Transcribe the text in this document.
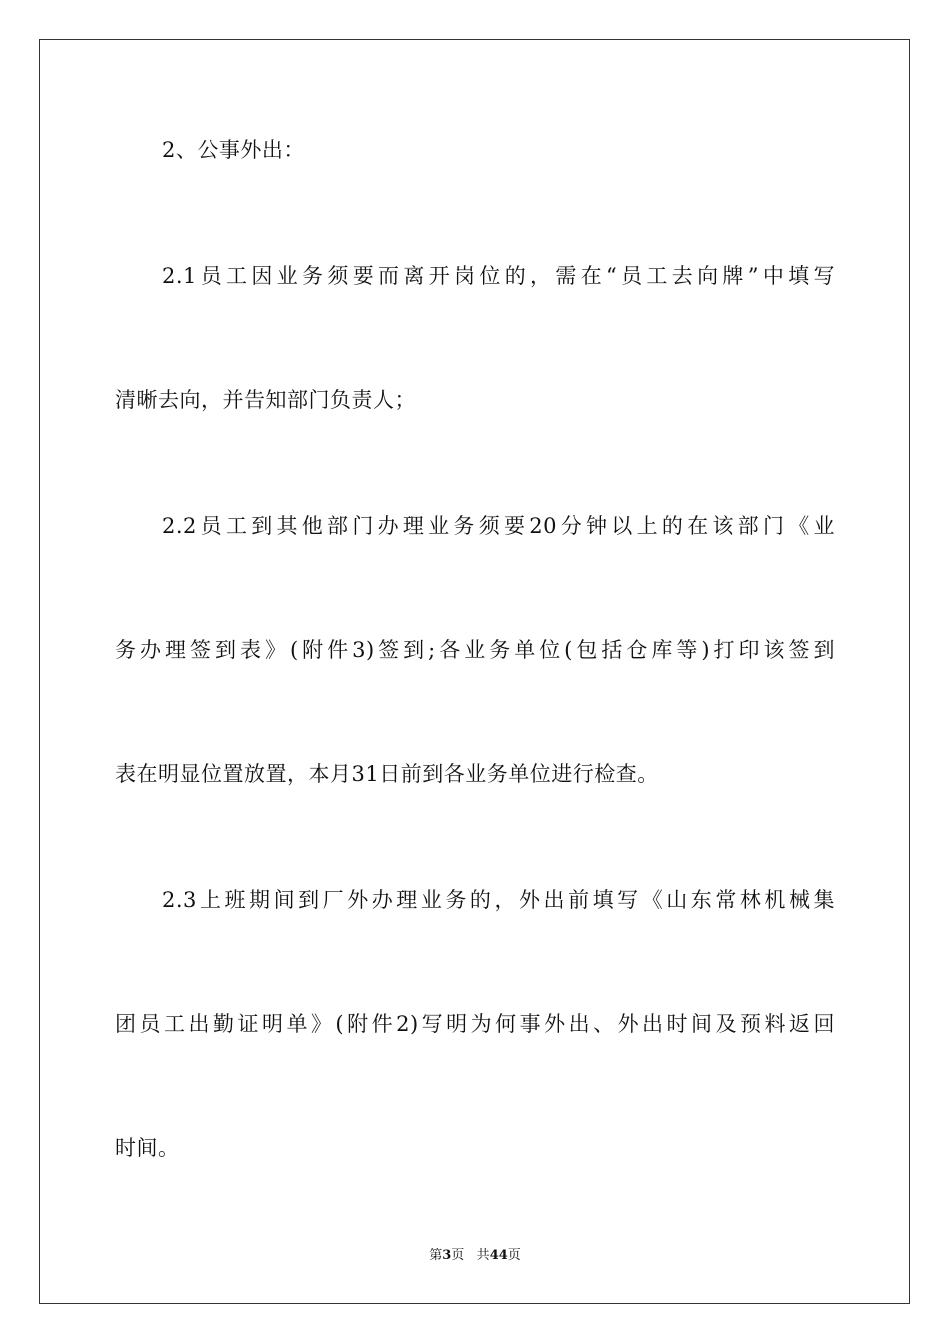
2、公事外出：
2.1员工因业务须要而离开岗位的，需在“员工去向牌”中填写
清晰去向，并告知部门负责人；
2.2员工到其他部门办理业务须要20分钟以上的在该部门《业
务办理签到表》(附件3)签到;各业务单位(包括仓库等)打印该签到
表在明显位置放置，本月31日前到各业务单位进行检查。
2.3上班期间到厂外办理业务的，外出前填写《山东常林机械集
团员工出勤证明单》(附件2)写明为何事外出、外出时间及预料返回
时间。
第3页 共44页
